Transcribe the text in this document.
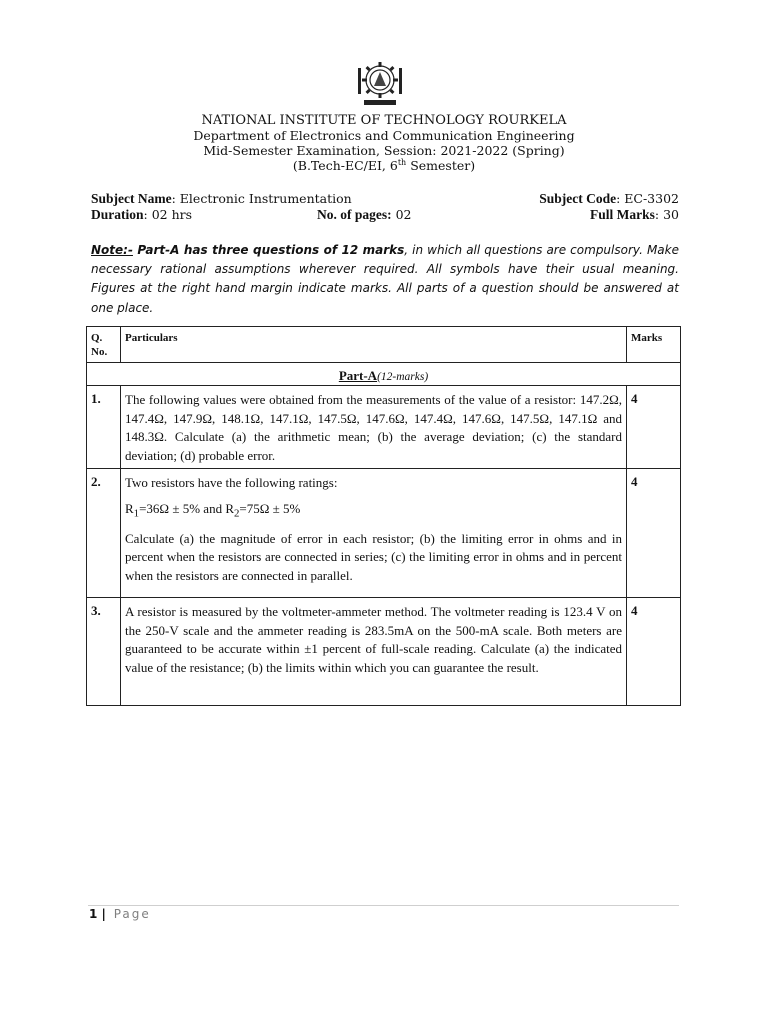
NATIONAL INSTITUTE OF TECHNOLOGY ROURKELA
Department of Electronics and Communication Engineering
Mid-Semester Examination, Session: 2021-2022 (Spring)
(B.Tech-EC/EI, 6th Semester)
Subject Name: Electronic Instrumentation	Subject Code: EC-3302
Duration: 02 hrs	No. of pages: 02	Full Marks: 30
Note:- Part-A has three questions of 12 marks, in which all questions are compulsory. Make necessary rational assumptions wherever required. All symbols have their usual meaning. Figures at the right hand margin indicate marks. All parts of a question should be answered at one place.
Q. No.	Particulars	Marks
Part-A(12-marks)		
1.	The following values were obtained from the measurements of the value of a resistor: 147.2Ω, 147.4Ω, 147.9Ω, 148.1Ω, 147.1Ω, 147.5Ω, 147.6Ω, 147.4Ω, 147.6Ω, 147.5Ω, 147.1Ω and 148.3Ω. Calculate (a) the arithmetic mean; (b) the average deviation; (c) the standard deviation; (d) probable error.	4
2.	Two resistors have the following ratings:
$R_1=36\Omega \pm 5\%$ and $R_2=75\Omega \pm 5\%$
Calculate (a) the magnitude of error in each resistor; (b) the limiting error in ohms and in percent when the resistors are connected in series; (c) the limiting error in ohms and in percent when the resistors are connected in parallel.	4
3.	A resistor is measured by the voltmeter-ammeter method. The voltmeter reading is 123.4 V on the 250-V scale and the ammeter reading is 283.5mA on the 500-mA scale. Both meters are guaranteed to be accurate within ±1 percent of full-scale reading. Calculate (a) the indicated value of the resistance; (b) the limits within which you can guarantee the result.	4
1 | Page
